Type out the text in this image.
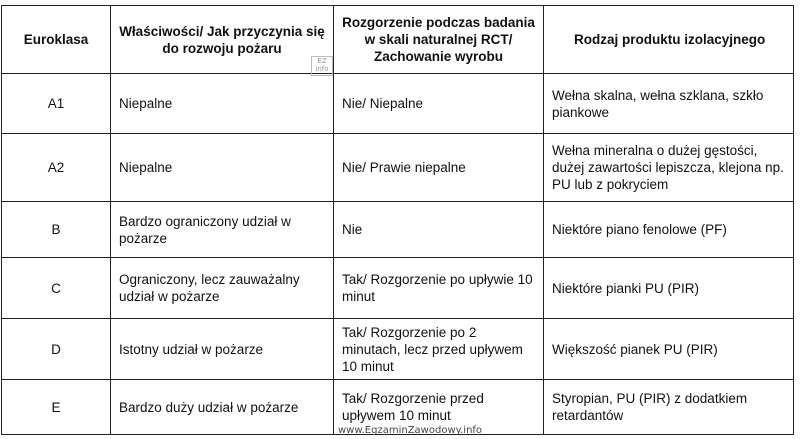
Euroklasa	Właściwości/ Jak przyczynia się do rozwoju pożaru	Rozgorzenie podczas badania w skali naturalnej RCT/ Zachowanie wyrobu	Rodzaj produktu izolacyjnego
A1	Niepalne	Nie/ Niepalne	Wełna skalna, wełna szklana, szkło piankowe
A2	Niepalne	Nie/ Prawie niepalne	Wełna mineralna o dużej gęstości, dużej zawartości lepiszcza, klejona np. PU lub z pokryciem
B	Bardzo ograniczony udział w pożarze	Nie	Niektóre piano fenolowe (PF)
C	Ograniczony, lecz zauważalny udział w pożarze	Tak/ Rozgorzenie po upływie 10 minut	Niektóre pianki PU (PIR)
D	Istotny udział w pożarze	Tak/ Rozgorzenie po 2 minutach, lecz przed upływem 10 minut	Większość pianek PU (PIR)
E	Bardzo duży udział w pożarze	Tak/ Rozgorzenie przed upływem 10 minut	Styropian, PU (PIR) z dodatkiem retardantów
EZ
info
www.EgzaminZawodowy.info
